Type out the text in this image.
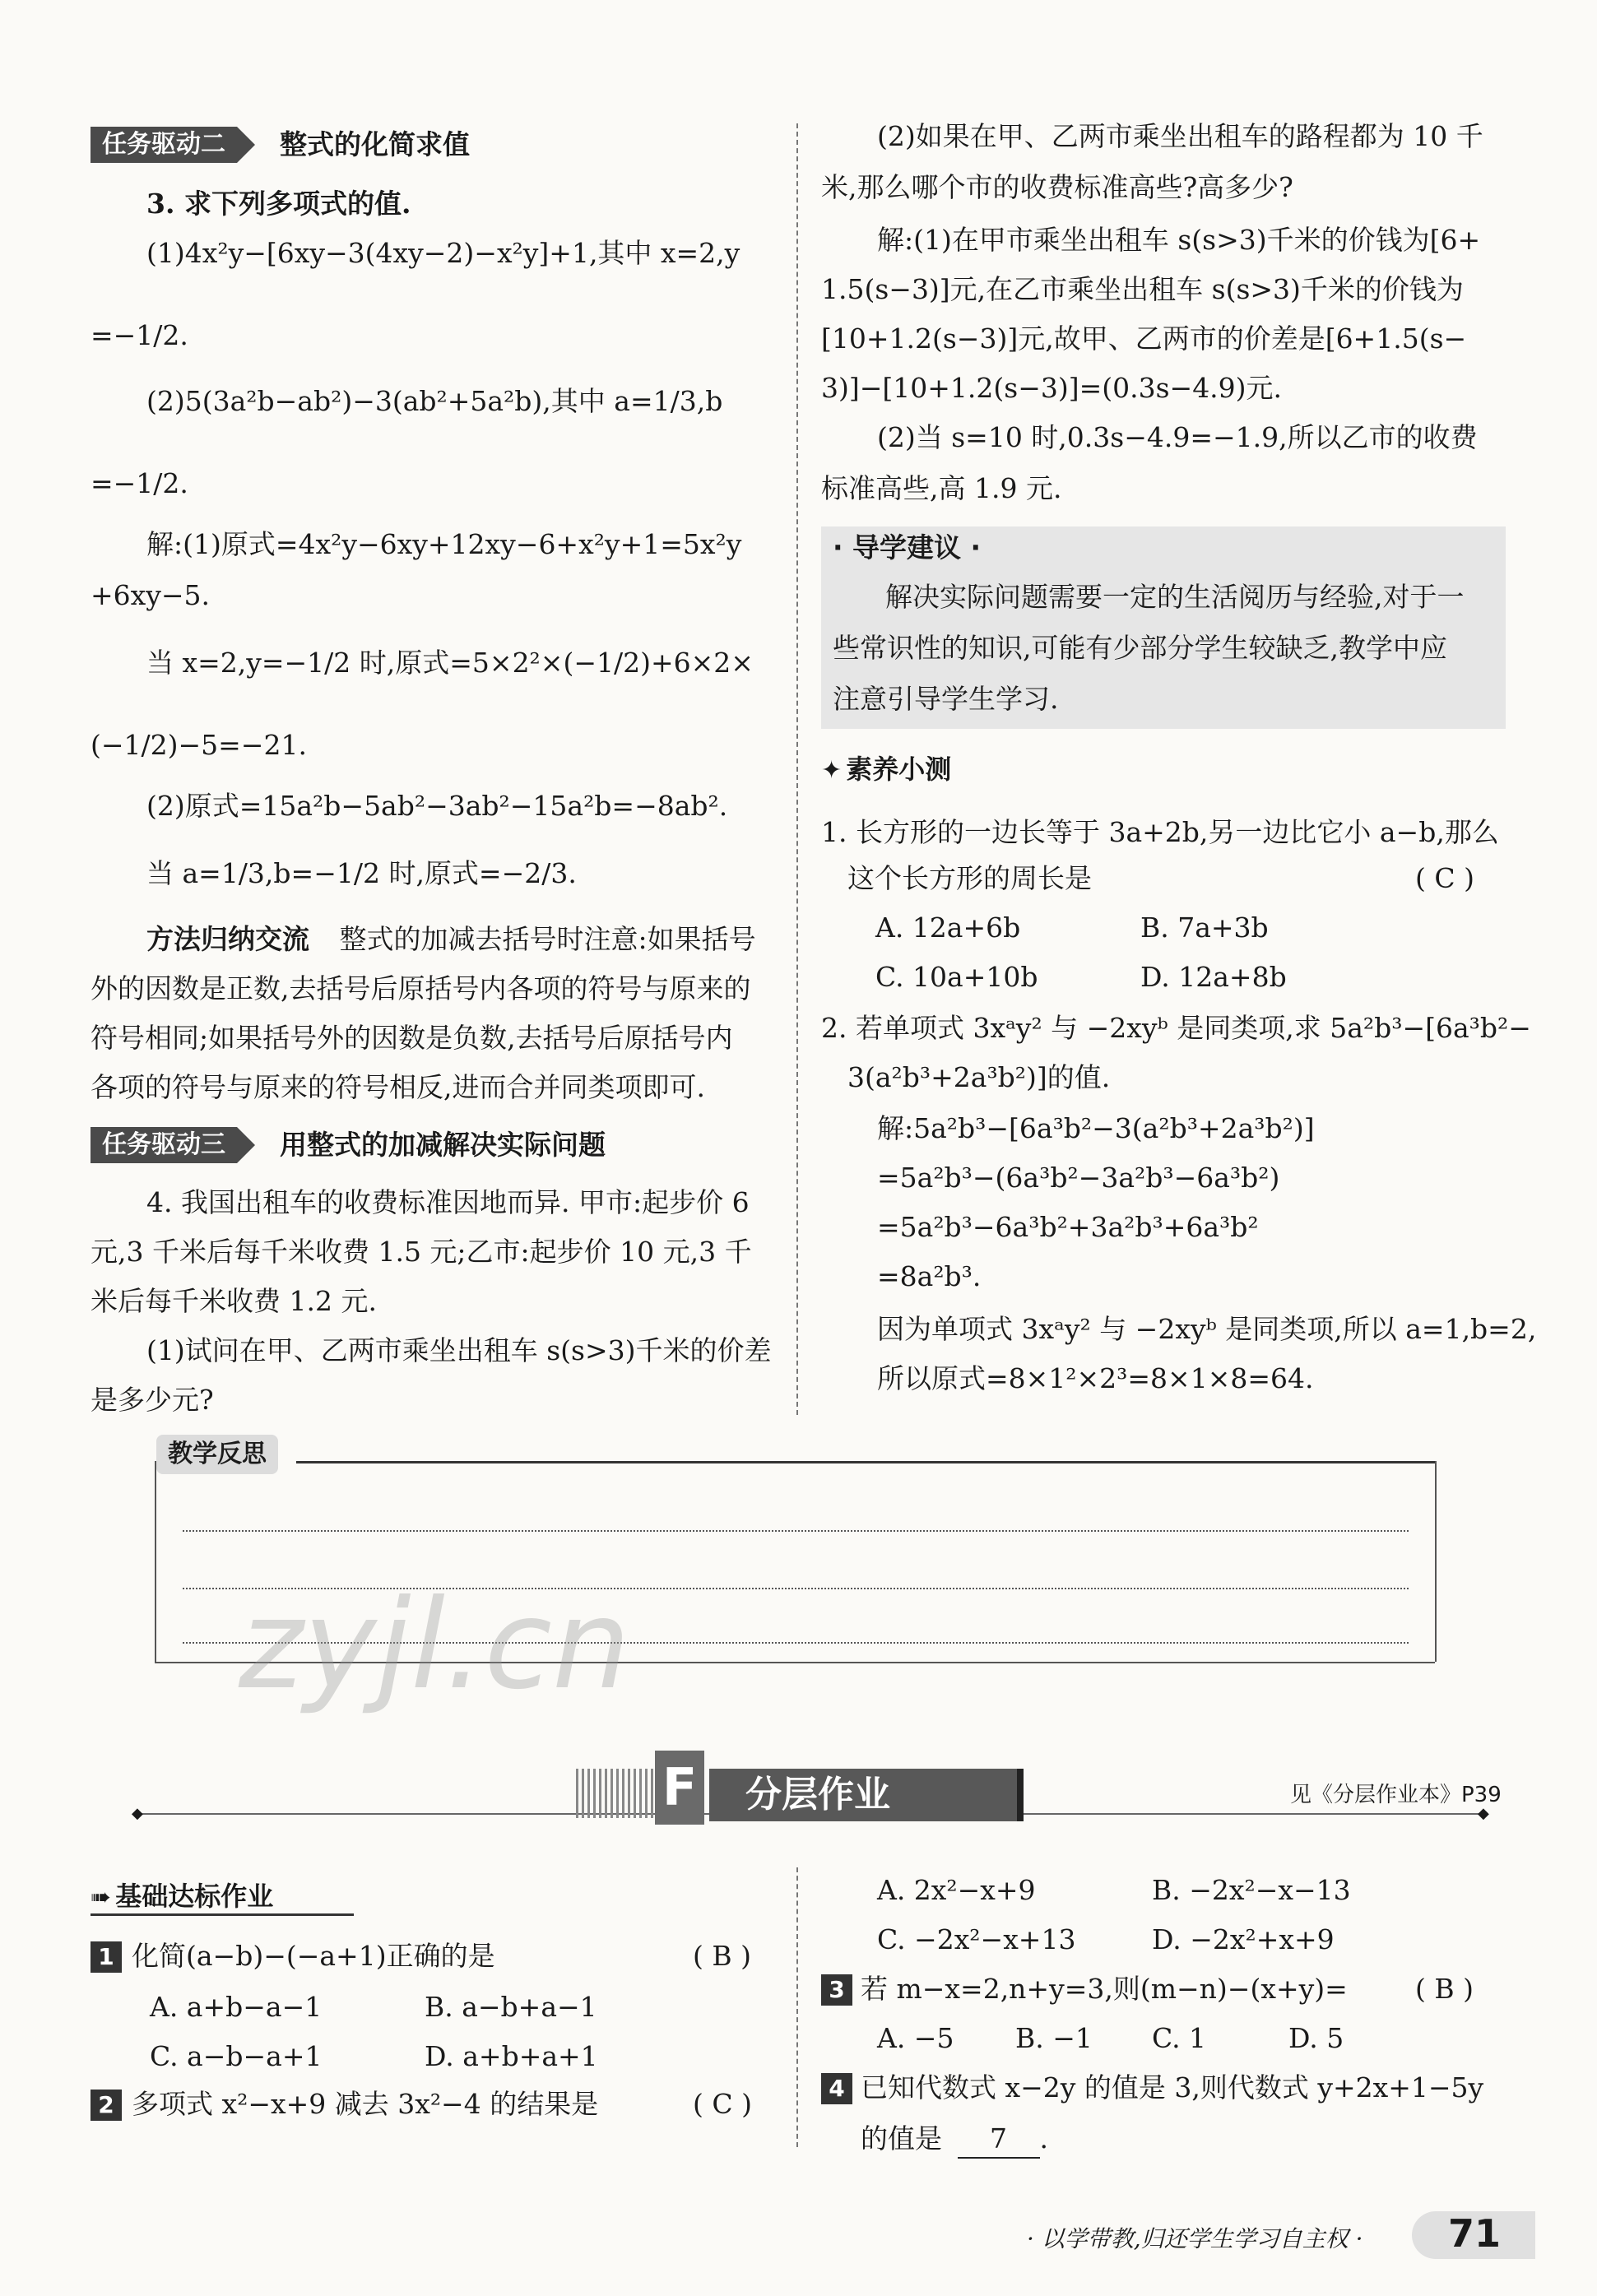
任务驱动二	整式的化简求值
3. 求下列多项式的值.
(1)4x²y−[6xy−3(4xy−2)−x²y]+1,其中 x=2,y
=−1/2.
(2)5(3a²b−ab²)−3(ab²+5a²b),其中 a=1/3,b
=−1/2.
解:(1)原式=4x²y−6xy+12xy−6+x²y+1=5x²y
+6xy−5.
当 x=2,y=−1/2 时,原式=5×2²×(−1/2)+6×2×
(−1/2)−5=−21.
(2)原式=15a²b−5ab²−3ab²−15a²b=−8ab².
当 a=1/3,b=−1/2 时,原式=−2/3.
方法归纳交流 整式的加减去括号时注意:如果括号
外的因数是正数,去括号后原括号内各项的符号与原来的
符号相同;如果括号外的因数是负数,去括号后原括号内
各项的符号与原来的符号相反,进而合并同类项即可.
任务驱动三	用整式的加减解决实际问题
4. 我国出租车的收费标准因地而异. 甲市:起步价 6
元,3 千米后每千米收费 1.5 元;乙市:起步价 10 元,3 千
米后每千米收费 1.2 元.
(1)试问在甲、乙两市乘坐出租车 s(s>3)千米的价差
是多少元?
(2)如果在甲、乙两市乘坐出租车的路程都为 10 千
米,那么哪个市的收费标准高些?高多少?
解:(1)在甲市乘坐出租车 s(s>3)千米的价钱为[6+
1.5(s−3)]元,在乙市乘坐出租车 s(s>3)千米的价钱为
[10+1.2(s−3)]元,故甲、乙两市的价差是[6+1.5(s−
3)]−[10+1.2(s−3)]=(0.3s−4.9)元.
(2)当 s=10 时,0.3s−4.9=−1.9,所以乙市的收费
标准高些,高 1.9 元.
· 导学建议 ·
解决实际问题需要一定的生活阅历与经验,对于一
些常识性的知识,可能有少部分学生较缺乏,教学中应
注意引导学生学习.
✦ 素养小测
1. 长方形的一边长等于 3a+2b,另一边比它小 a−b,那么
这个长方形的周长是	( C )
A. 12a+6b	B. 7a+3b
C. 10a+10b	D. 12a+8b
2. 若单项式 3xᵃy² 与 −2xyᵇ 是同类项,求 5a²b³−[6a³b²−
3(a²b³+2a³b²)]的值.
解:5a²b³−[6a³b²−3(a²b³+2a³b²)]
=5a²b³−(6a³b²−3a²b³−6a³b²)
=5a²b³−6a³b²+3a²b³+6a³b²
=8a²b³.
因为单项式 3xᵃy² 与 −2xyᵇ 是同类项,所以 a=1,b=2,
所以原式=8×1²×2³=8×1×8=64.
教学反思
zyjl.cn
◆	◆
F 分层作业	见《分层作业本》P39
➠ 基础达标作业
1 化简(a−b)−(−a+1)正确的是	( B )
A. a+b−a−1	B. a−b+a−1
C. a−b−a+1	D. a+b+a+1
2 多项式 x²−x+9 减去 3x²−4 的结果是	( C )
A. 2x²−x+9	B. −2x²−x−13
C. −2x²−x+13	D. −2x²+x+9
3 若 m−x=2,n+y=3,则(m−n)−(x+y)= ( B )
A. −5 B. −1 C. 1	D. 5
4 已知代数式 x−2y 的值是 3,则代数式 y+2x+1−5y
的值是 7 .
· 以学带教,归还学生学习自主权 · 71
